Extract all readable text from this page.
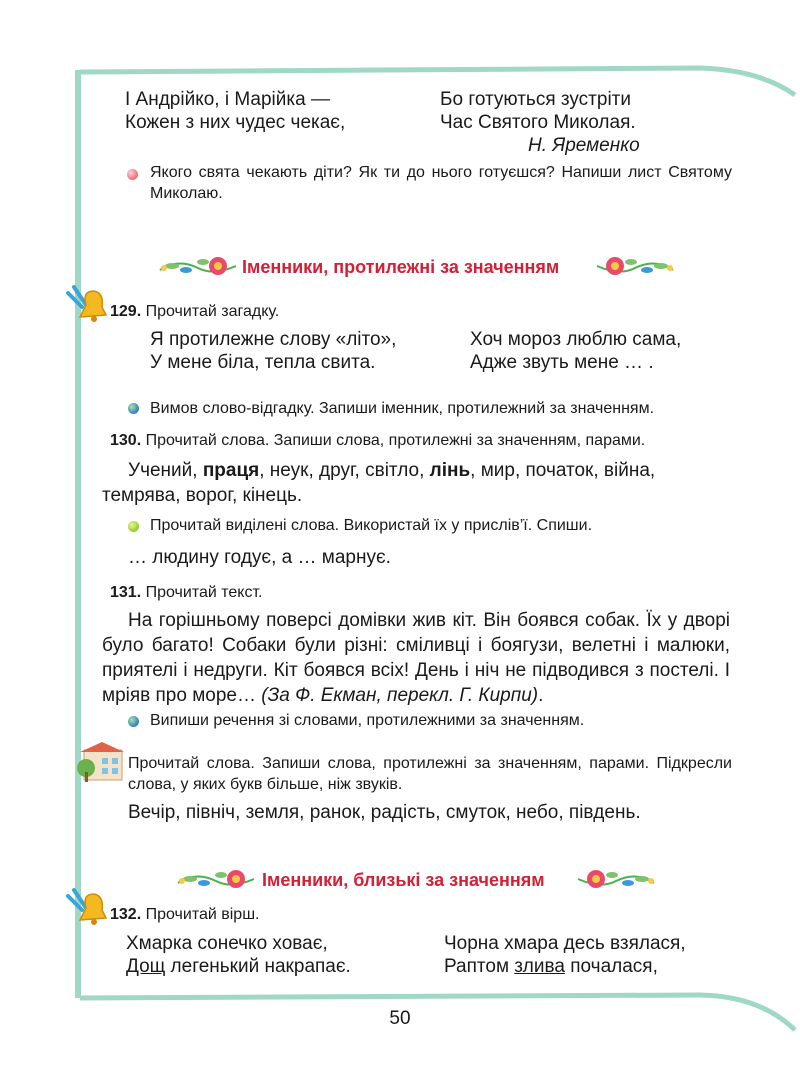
І Андрійко, і Марійка —
Кожен з них чудес чекає,
Бо готуються зустріти
Час Святого Миколая.
Н. Яременко
Якого свята чекають діти? Як ти до нього готуєшся? Напиши лист Святому Миколаю.
Іменники, протилежні за значенням
129. Прочитай загадку.
Я протилежне слову «літо»,
У мене біла, тепла свита.
Хоч мороз люблю сама,
Адже звуть мене … .
Вимов слово-відгадку. Запиши іменник, протилежний за значенням.
130. Прочитай слова. Запиши слова, протилежні за значенням, парами.
Учений, праця, неук, друг, світло, лінь, мир, початок, війна,
темрява, ворог, кінець.
Прочитай виділені слова. Використай їх у прислів’ї. Спиши.
… людину годує, а … марнує.
131. Прочитай текст.
На горішньому поверсі домівки жив кіт. Він боявся собак. Їх у дворі було багато! Собаки були різні: сміливці і боягузи, велетні і малюки, приятелі і недруги. Кіт боявся всіх! День і ніч не підводився з постелі. І мріяв про море… (За Ф. Екман, перекл. Г. Кирпи).
Випиши речення зі словами, протилежними за значенням.
Прочитай слова. Запиши слова, протилежні за значенням, парами. Підкресли слова, у яких букв більше, ніж звуків.
Вечір, північ, земля, ранок, радість, смуток, небо, південь.
Іменники, близькі за значенням
132. Прочитай вірш.
Хмарка сонечко ховає,
Дощ легенький накрапає.
Чорна хмара десь взялася,
Раптом злива почалася,
50
